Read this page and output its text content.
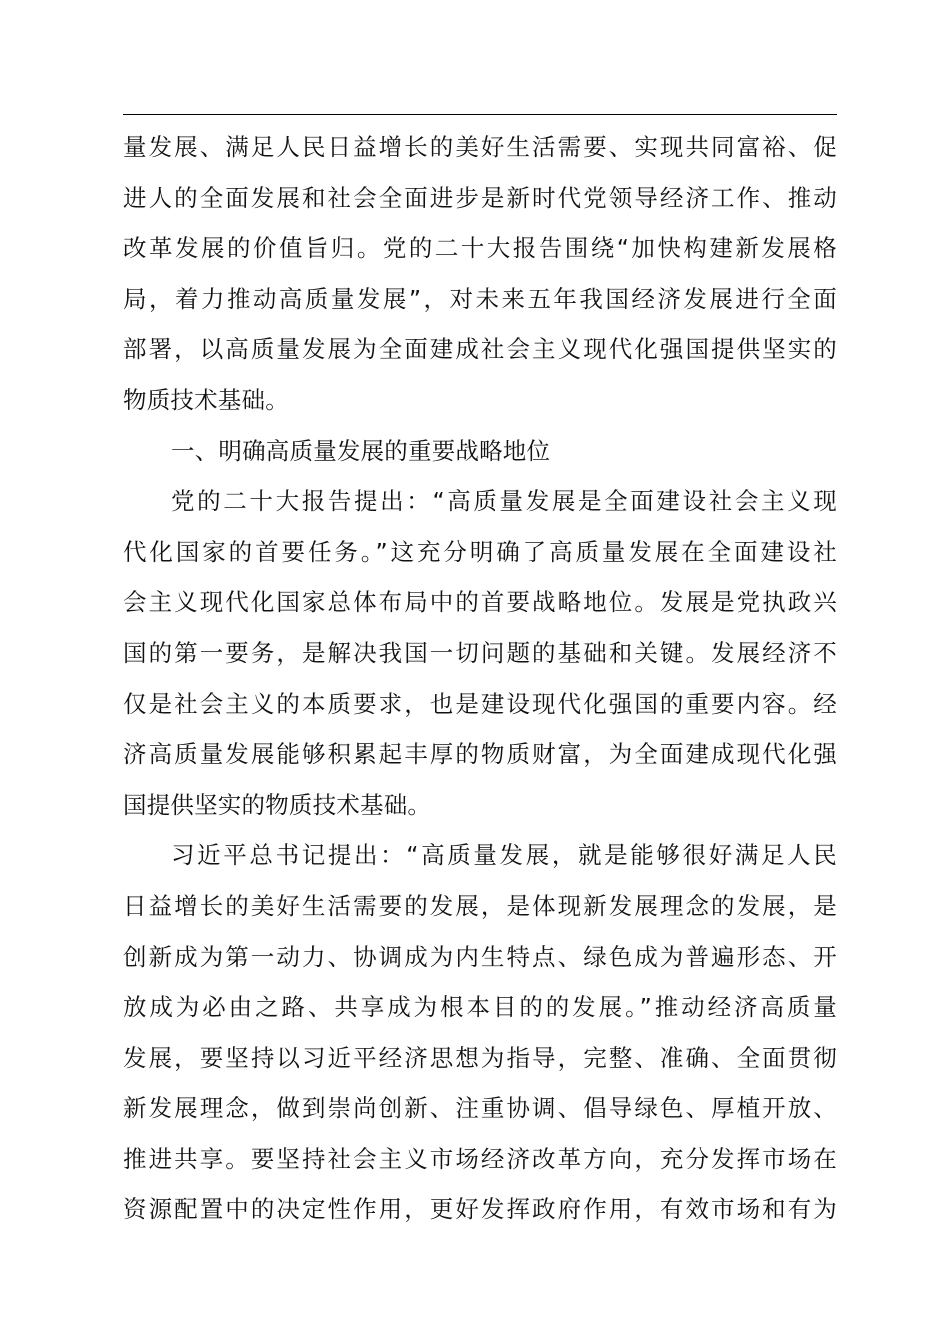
量发展、满足人民日益增长的美好生活需要、实现共同富裕、促
进人的全面发展和社会全面进步是新时代党领导经济工作、推动
改革发展的价值旨归。党的二十大报告围绕“加快构建新发展格
局，着力推动高质量发展”，对未来五年我国经济发展进行全面
部署，以高质量发展为全面建成社会主义现代化强国提供坚实的
物质技术基础。
一、明确高质量发展的重要战略地位
党的二十大报告提出：“高质量发展是全面建设社会主义现
代化国家的首要任务。”这充分明确了高质量发展在全面建设社
会主义现代化国家总体布局中的首要战略地位。发展是党执政兴
国的第一要务，是解决我国一切问题的基础和关键。发展经济不
仅是社会主义的本质要求，也是建设现代化强国的重要内容。经
济高质量发展能够积累起丰厚的物质财富，为全面建成现代化强
国提供坚实的物质技术基础。
习近平总书记提出：“高质量发展，就是能够很好满足人民
日益增长的美好生活需要的发展，是体现新发展理念的发展，是
创新成为第一动力、协调成为内生特点、绿色成为普遍形态、开
放成为必由之路、共享成为根本目的的发展。”推动经济高质量
发展，要坚持以习近平经济思想为指导，完整、准确、全面贯彻
新发展理念，做到崇尚创新、注重协调、倡导绿色、厚植开放、
推进共享。要坚持社会主义市场经济改革方向，充分发挥市场在
资源配置中的决定性作用，更好发挥政府作用，有效市场和有为
